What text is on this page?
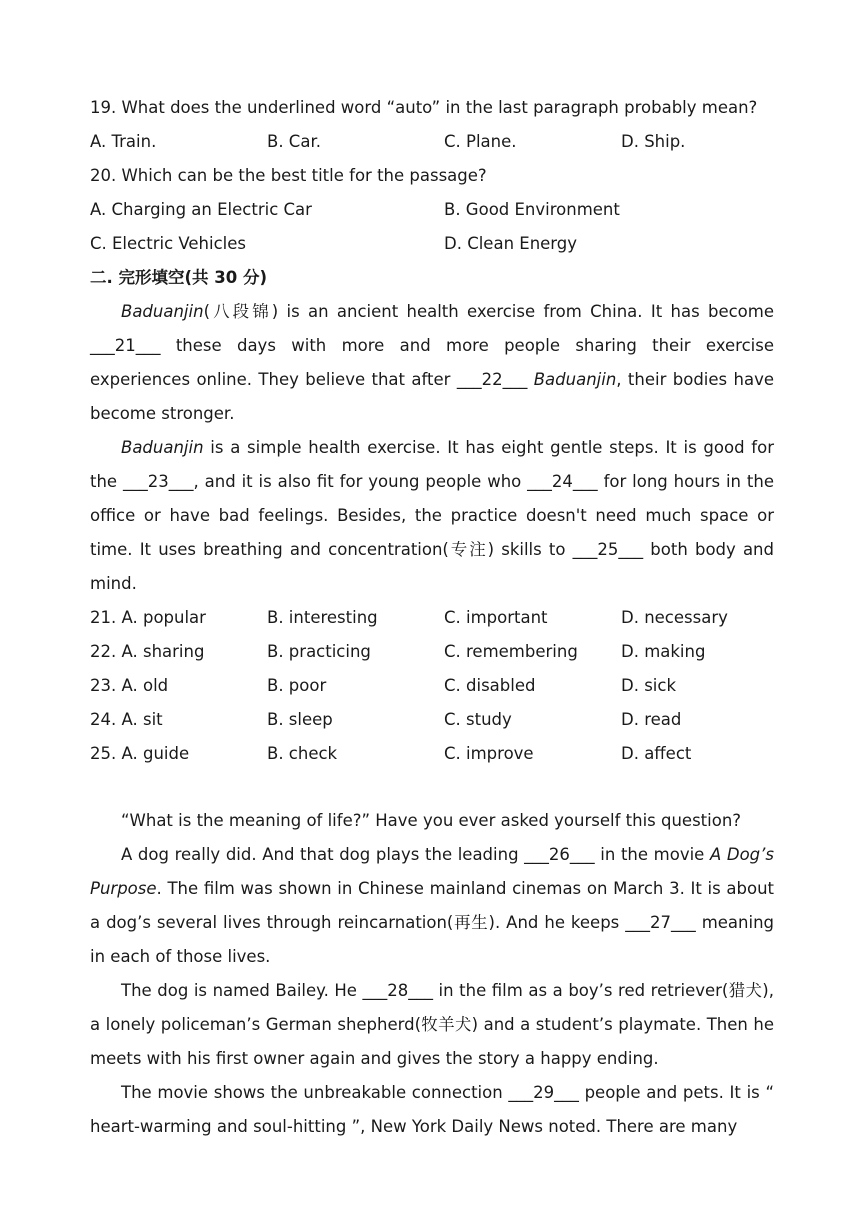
19. What does the underlined word “auto” in the last paragraph probably mean?
A. Train.	B. Car.	C. Plane.	D. Ship.
20. Which can be the best title for the passage?
A. Charging an Electric Car	B. Good Environment
C. Electric Vehicles	D. Clean Energy
二. 完形填空(共 30 分)

Baduanjin(八段锦) is an ancient health exercise from China. It has become ___21___ these days with more and more people sharing their exercise experiences online. They believe that after ___22___ Baduanjin, their bodies have become stronger.

Baduanjin is a simple health exercise. It has eight gentle steps. It is good for the ___23___, and it is also fit for young people who ___24___ for long hours in the office or have bad feelings. Besides, the practice doesn't need much space or time. It uses breathing and concentration(专注) skills to ___25___ both body and mind.

21. A. popular	B. interesting	C. important	D. necessary
22. A. sharing	B. practicing	C. remembering	D. making
23. A. old	B. poor	C. disabled	D. sick
24. A. sit	B. sleep	C. study	D. read
25. A. guide	B. check	C. improve	D. affect

“What is the meaning of life?” Have you ever asked yourself this question?

A dog really did. And that dog plays the leading ___26___ in the movie A Dog’s Purpose. The film was shown in Chinese mainland cinemas on March 3. It is about a dog’s several lives through reincarnation(再生). And he keeps ___27___ meaning in each of those lives.

The dog is named Bailey. He ___28___ in the film as a boy’s red retriever(猎犬), a lonely policeman’s German shepherd(牧羊犬) and a student’s playmate. Then he meets with his first owner again and gives the story a happy ending.

The movie shows the unbreakable connection ___29___ people and pets. It is “ heart-warming and soul-hitting ”, New York Daily News noted. There are many
